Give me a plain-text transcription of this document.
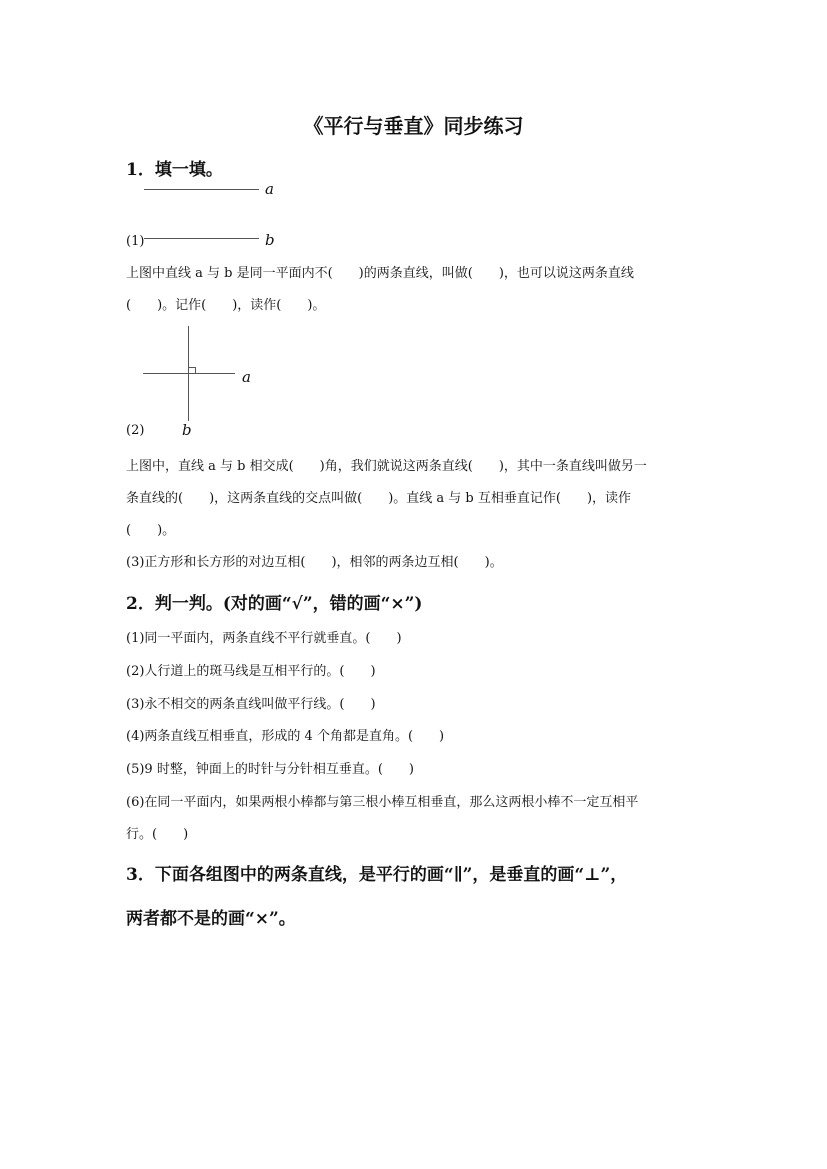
《平行与垂直》同步练习
1．填一填。
a
b
(1)
上图中直线 a 与 b 是同一平面内不(　　)的两条直线，叫做(　　)，也可以说这两条直线
(　　)。记作(　　)，读作(　　)。
a
b
(2)
上图中，直线 a 与 b 相交成(　　)角，我们就说这两条直线(　　)，其中一条直线叫做另一
条直线的(　　)，这两条直线的交点叫做(　　)。直线 a 与 b 互相垂直记作(　　)，读作
(　　)。
(3)正方形和长方形的对边互相(　　)，相邻的两条边互相(　　)。
2．判一判。(对的画“√”，错的画“×”)
(1)同一平面内，两条直线不平行就垂直。(　　)
(2)人行道上的斑马线是互相平行的。(　　)
(3)永不相交的两条直线叫做平行线。(　　)
(4)两条直线互相垂直，形成的 4 个角都是直角。(　　)
(5)9 时整，钟面上的时针与分针相互垂直。(　　)
(6)在同一平面内，如果两根小棒都与第三根小棒互相垂直，那么这两根小棒不一定互相平
行。(　　)
3．下面各组图中的两条直线，是平行的画“∥”，是垂直的画“⊥”，
两者都不是的画“×”。
